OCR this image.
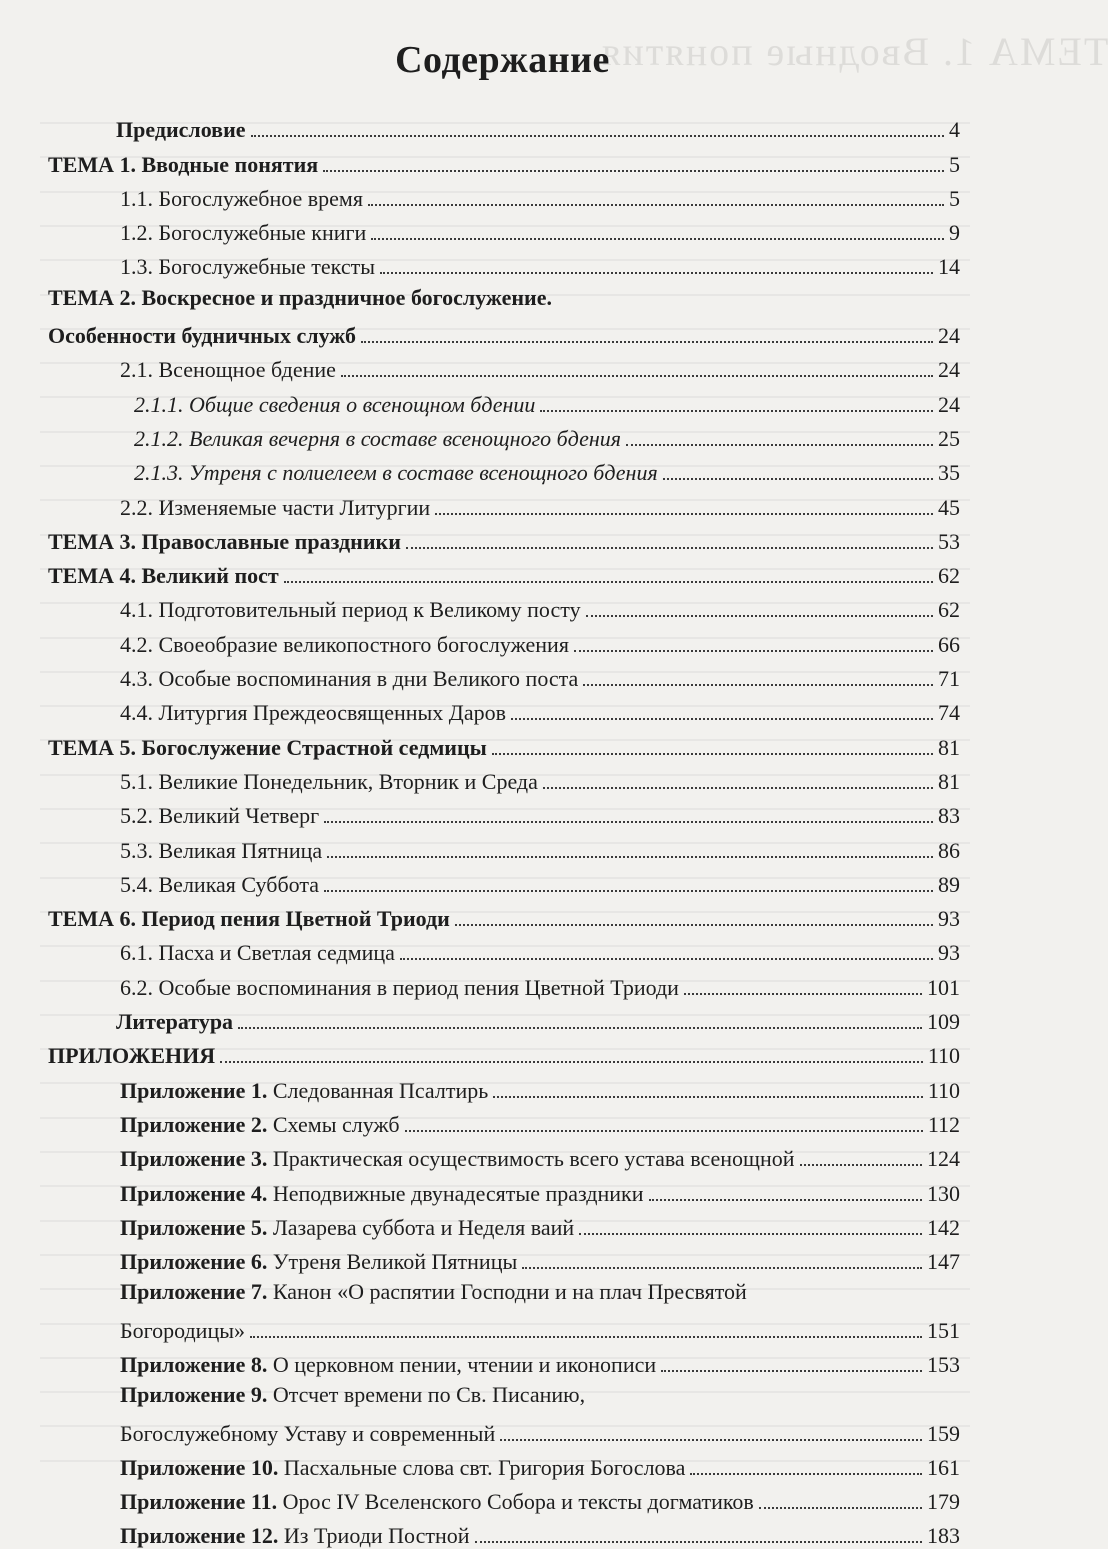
ТЕМА 1. Вводные понятия
Содержание
Предисловие	4
ТЕМА 1. Вводные понятия	5
1.1. Богослужебное время	5
1.2. Богослужебные книги	9
1.3. Богослужебные тексты	14
ТЕМА 2. Воскресное и праздничное богослужение.
Особенности будничных служб	24
2.1. Всенощное бдение	24
2.1.1. Общие сведения о всенощном бдении	24
2.1.2. Великая вечерня в составе всенощного бдения	25
2.1.3. Утреня с полиелеем в составе всенощного бдения	35
2.2. Изменяемые части Литургии	45
ТЕМА 3. Православные праздники	53
ТЕМА 4. Великий пост	62
4.1. Подготовительный период к Великому посту	62
4.2. Своеобразие великопостного богослужения	66
4.3. Особые воспоминания в дни Великого поста	71
4.4. Литургия Преждеосвященных Даров	74
ТЕМА 5. Богослужение Страстной седмицы	81
5.1. Великие Понедельник, Вторник и Среда	81
5.2. Великий Четверг	83
5.3. Великая Пятница	86
5.4. Великая Суббота	89
ТЕМА 6. Период пения Цветной Триоди	93
6.1. Пасха и Светлая седмица	93
6.2. Особые воспоминания в период пения Цветной Триоди	101
Литература	109
ПРИЛОЖЕНИЯ	110
Приложение 1. Следованная Псалтирь	110
Приложение 2. Схемы служб	112
Приложение 3. Практическая осуществимость всего устава всенощной	124
Приложение 4. Неподвижные двунадесятые праздники	130
Приложение 5. Лазарева суббота и Неделя ваий	142
Приложение 6. Утреня Великой Пятницы	147
Приложение 7. Канон «О распятии Господни и на плач Пресвятой
Богородицы»	151
Приложение 8. О церковном пении, чтении и иконописи	153
Приложение 9. Отсчет времени по Св. Писанию,
Богослужебному Уставу и современный	159
Приложение 10. Пасхальные слова свт. Григория Богослова	161
Приложение 11. Орос IV Вселенского Собора и тексты догматиков	179
Приложение 12. Из Триоди Постной	183
